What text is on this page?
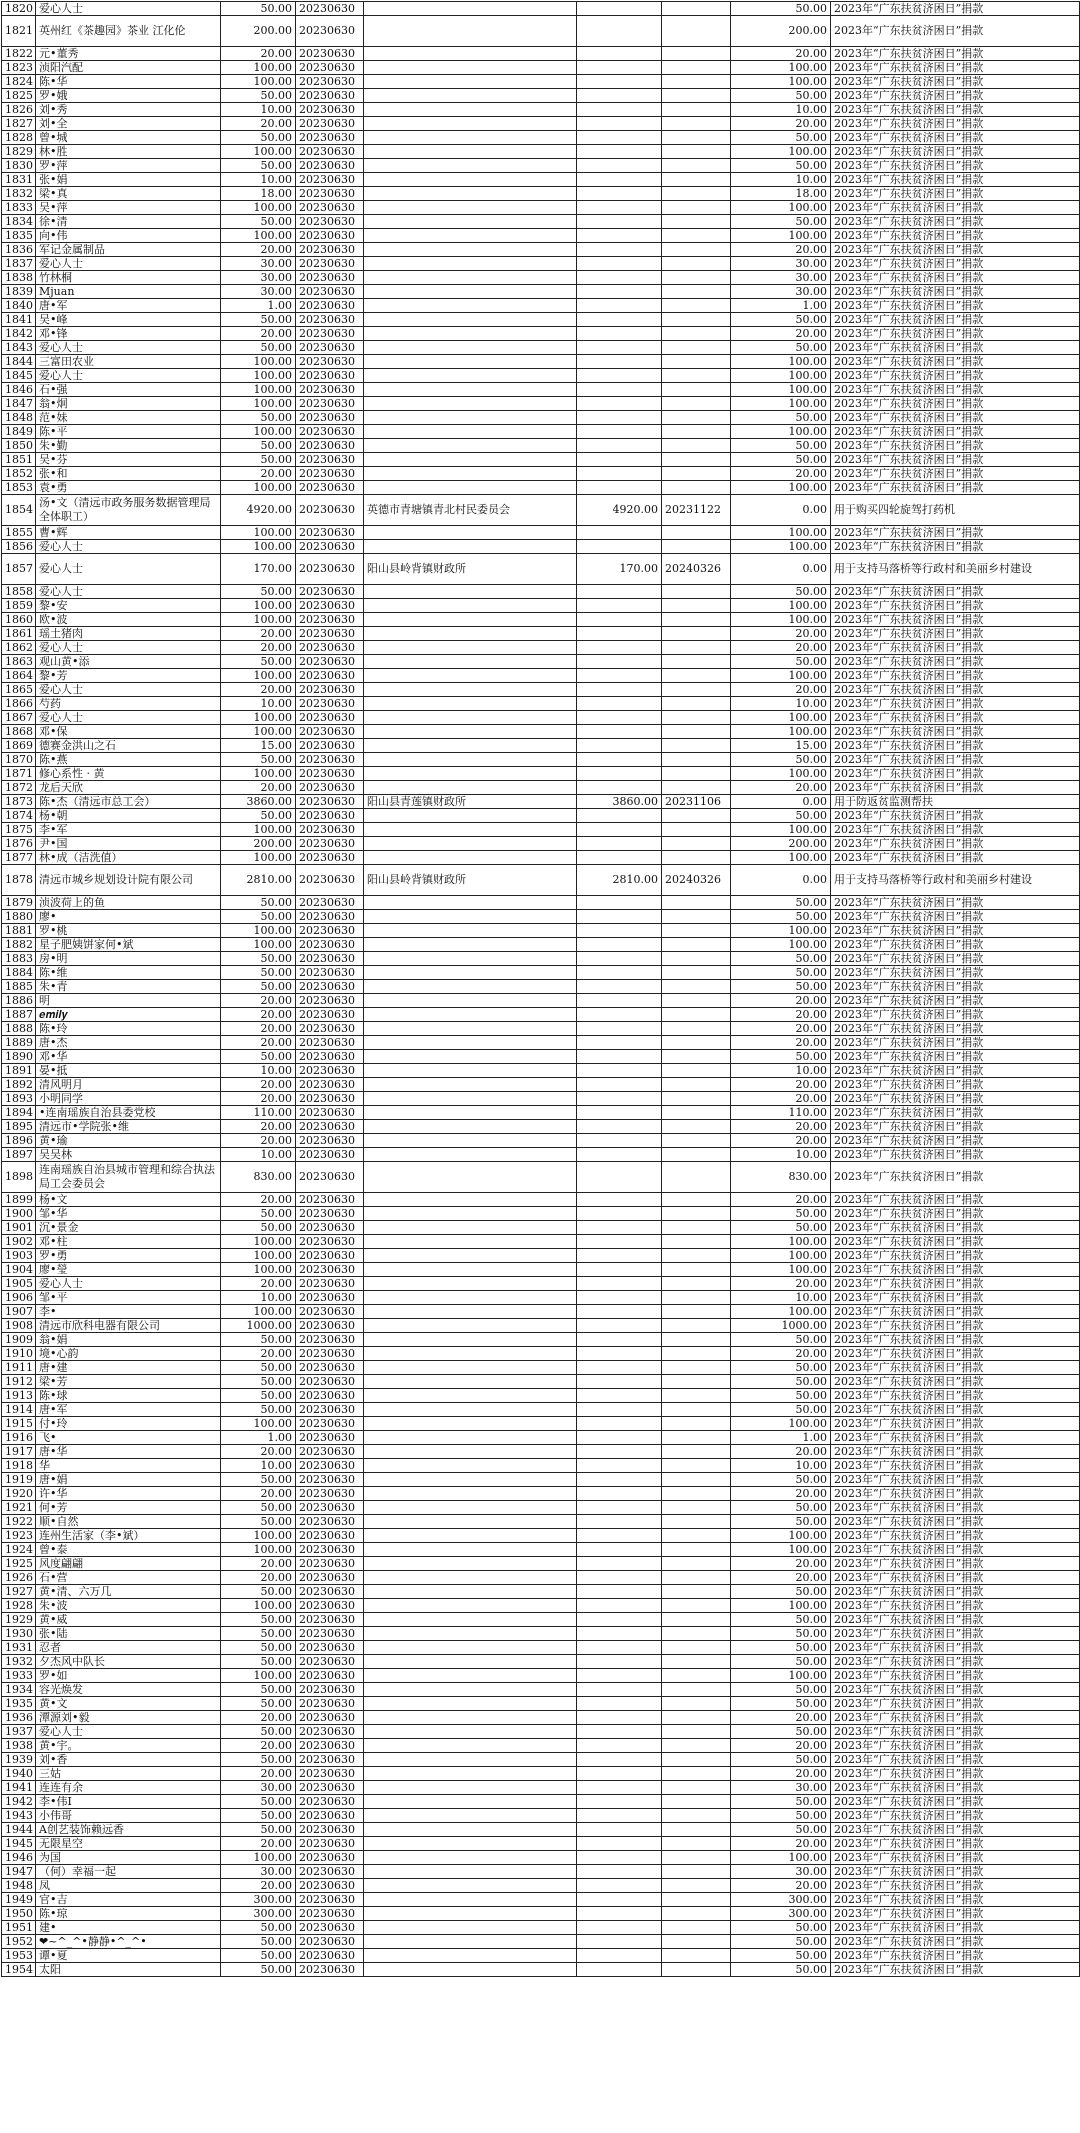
1820	爱心人士	50.00	20230630				50.00	2023年“广东扶贫济困日”捐款
1821	英州红《茶趣园》茶业 江化伦	200.00	20230630				200.00	2023年“广东扶贫济困日”捐款
1822	元•董秀	20.00	20230630				20.00	2023年“广东扶贫济困日”捐款
1823	浈阳汽配	100.00	20230630				100.00	2023年“广东扶贫济困日”捐款
1824	陈•华	100.00	20230630				100.00	2023年“广东扶贫济困日”捐款
1825	罗•娥	50.00	20230630				50.00	2023年“广东扶贫济困日”捐款
1826	刘•秀	10.00	20230630				10.00	2023年“广东扶贫济困日”捐款
1827	刘•全	20.00	20230630				20.00	2023年“广东扶贫济困日”捐款
1828	曾•城	50.00	20230630				50.00	2023年“广东扶贫济困日”捐款
1829	林•胜	100.00	20230630				100.00	2023年“广东扶贫济困日”捐款
1830	罗•萍	50.00	20230630				50.00	2023年“广东扶贫济困日”捐款
1831	张•娟	10.00	20230630				10.00	2023年“广东扶贫济困日”捐款
1832	梁•真	18.00	20230630				18.00	2023年“广东扶贫济困日”捐款
1833	吴•萍	100.00	20230630				100.00	2023年“广东扶贫济困日”捐款
1834	徐•清	50.00	20230630				50.00	2023年“广东扶贫济困日”捐款
1835	向•伟	100.00	20230630				100.00	2023年“广东扶贫济困日”捐款
1836	军记金属制品	20.00	20230630				20.00	2023年“广东扶贫济困日”捐款
1837	爱心人士	30.00	20230630				30.00	2023年“广东扶贫济困日”捐款
1838	竹林桐	30.00	20230630				30.00	2023年“广东扶贫济困日”捐款
1839	Mjuan	30.00	20230630				30.00	2023年“广东扶贫济困日”捐款
1840	唐•军	1.00	20230630				1.00	2023年“广东扶贫济困日”捐款
1841	吴•峰	50.00	20230630				50.00	2023年“广东扶贫济困日”捐款
1842	邓•锋	20.00	20230630				20.00	2023年“广东扶贫济困日”捐款
1843	爱心人士	50.00	20230630				50.00	2023年“广东扶贫济困日”捐款
1844	三富田农业	100.00	20230630				100.00	2023年“广东扶贫济困日”捐款
1845	爱心人士	100.00	20230630				100.00	2023年“广东扶贫济困日”捐款
1846	石•强	100.00	20230630				100.00	2023年“广东扶贫济困日”捐款
1847	翁•炯	100.00	20230630				100.00	2023年“广东扶贫济困日”捐款
1848	范•妹	50.00	20230630				50.00	2023年“广东扶贫济困日”捐款
1849	陈•平	100.00	20230630				100.00	2023年“广东扶贫济困日”捐款
1850	朱•勤	50.00	20230630				50.00	2023年“广东扶贫济困日”捐款
1851	吴•芬	50.00	20230630				50.00	2023年“广东扶贫济困日”捐款
1852	张•和	20.00	20230630				20.00	2023年“广东扶贫济困日”捐款
1853	袁•勇	100.00	20230630				100.00	2023年“广东扶贫济困日”捐款
1854	汤•文（清远市政务服务数据管理局全体职工）	4920.00	20230630	英德市青塘镇青北村民委员会	4920.00	20231122	0.00	用于购买四轮旋驾打药机
1855	曹•辉	100.00	20230630				100.00	2023年“广东扶贫济困日”捐款
1856	爱心人士	100.00	20230630				100.00	2023年“广东扶贫济困日”捐款
1857	爱心人士	170.00	20230630	阳山县岭背镇财政所	170.00	20240326	0.00	用于支持马落桥等行政村和美丽乡村建设
1858	爱心人士	50.00	20230630				50.00	2023年“广东扶贫济困日”捐款
1859	黎•安	100.00	20230630				100.00	2023年“广东扶贫济困日”捐款
1860	欧•波	100.00	20230630				100.00	2023年“广东扶贫济困日”捐款
1861	瑶土猪肉	20.00	20230630				20.00	2023年“广东扶贫济困日”捐款
1862	爱心人士	20.00	20230630				20.00	2023年“广东扶贫济困日”捐款
1863	观山黄•添	50.00	20230630				50.00	2023年“广东扶贫济困日”捐款
1864	黎•芳	100.00	20230630				100.00	2023年“广东扶贫济困日”捐款
1865	爱心人士	20.00	20230630				20.00	2023年“广东扶贫济困日”捐款
1866	芍药	10.00	20230630				10.00	2023年“广东扶贫济困日”捐款
1867	爱心人士	100.00	20230630				100.00	2023年“广东扶贫济困日”捐款
1868	邓•保	100.00	20230630				100.00	2023年“广东扶贫济困日”捐款
1869	德赛金洪山之石	15.00	20230630				15.00	2023年“广东扶贫济困日”捐款
1870	陈•燕	50.00	20230630				50.00	2023年“广东扶贫济困日”捐款
1871	修心系性 · 黄	100.00	20230630				100.00	2023年“广东扶贫济困日”捐款
1872	龙后天欣	20.00	20230630				20.00	2023年“广东扶贫济困日”捐款
1873	陈•杰（清远市总工会）	3860.00	20230630	阳山县青莲镇财政所	3860.00	20231106	0.00	用于防返贫监测帮扶
1874	杨•朝	50.00	20230630				50.00	2023年“广东扶贫济困日”捐款
1875	李•军	100.00	20230630				100.00	2023年“广东扶贫济困日”捐款
1876	尹•国	200.00	20230630				200.00	2023年“广东扶贫济困日”捐款
1877	林•成（洁洗值）	100.00	20230630				100.00	2023年“广东扶贫济困日”捐款
1878	清远市城乡规划设计院有限公司	2810.00	20230630	阳山县岭背镇财政所	2810.00	20240326	0.00	用于支持马落桥等行政村和美丽乡村建设
1879	浈波荷上的鱼	50.00	20230630				50.00	2023年“广东扶贫济困日”捐款
1880	廖•	50.00	20230630				50.00	2023年“广东扶贫济困日”捐款
1881	罗•桃	100.00	20230630				100.00	2023年“广东扶贫济困日”捐款
1882	星子肥姨饼家何•斌	100.00	20230630				100.00	2023年“广东扶贫济困日”捐款
1883	房•明	50.00	20230630				50.00	2023年“广东扶贫济困日”捐款
1884	陈•维	50.00	20230630				50.00	2023年“广东扶贫济困日”捐款
1885	朱•青	50.00	20230630				50.00	2023年“广东扶贫济困日”捐款
1886	明	20.00	20230630				20.00	2023年“广东扶贫济困日”捐款
1887	𝒆𝒎𝒊𝒍𝒚	20.00	20230630				20.00	2023年“广东扶贫济困日”捐款
1888	陈•玲	20.00	20230630				20.00	2023年“广东扶贫济困日”捐款
1889	唐•杰	20.00	20230630				20.00	2023年“广东扶贫济困日”捐款
1890	邓•华	50.00	20230630				50.00	2023年“广东扶贫济困日”捐款
1891	晏•抵	10.00	20230630				10.00	2023年“广东扶贫济困日”捐款
1892	清风明月	20.00	20230630				20.00	2023年“广东扶贫济困日”捐款
1893	小明同学	20.00	20230630				20.00	2023年“广东扶贫济困日”捐款
1894	•连南瑶族自治县委党校	110.00	20230630				110.00	2023年“广东扶贫济困日”捐款
1895	清远市•学院张•维	20.00	20230630				20.00	2023年“广东扶贫济困日”捐款
1896	黄•瑜	20.00	20230630				20.00	2023年“广东扶贫济困日”捐款
1897	吴吴林	10.00	20230630				10.00	2023年“广东扶贫济困日”捐款
1898	连南瑶族自治县城市管理和综合执法局工会委员会	830.00	20230630				830.00	2023年“广东扶贫济困日”捐款
1899	杨•文	20.00	20230630				20.00	2023年“广东扶贫济困日”捐款
1900	邹•华	50.00	20230630				50.00	2023年“广东扶贫济困日”捐款
1901	沉•景金	50.00	20230630				50.00	2023年“广东扶贫济困日”捐款
1902	邓•柱	100.00	20230630				100.00	2023年“广东扶贫济困日”捐款
1903	罗•勇	100.00	20230630				100.00	2023年“广东扶贫济困日”捐款
1904	廖•瑩	100.00	20230630				100.00	2023年“广东扶贫济困日”捐款
1905	爱心人士	20.00	20230630				20.00	2023年“广东扶贫济困日”捐款
1906	邹•平	10.00	20230630				10.00	2023年“广东扶贫济困日”捐款
1907	李•	100.00	20230630				100.00	2023年“广东扶贫济困日”捐款
1908	清远市欣科电器有限公司	1000.00	20230630				1000.00	2023年“广东扶贫济困日”捐款
1909	翁•娟	50.00	20230630				50.00	2023年“广东扶贫济困日”捐款
1910	境•心韵	20.00	20230630				20.00	2023年“广东扶贫济困日”捐款
1911	唐•建	50.00	20230630				50.00	2023年“广东扶贫济困日”捐款
1912	梁•芳	50.00	20230630				50.00	2023年“广东扶贫济困日”捐款
1913	陈•球	50.00	20230630				50.00	2023年“广东扶贫济困日”捐款
1914	唐•军	50.00	20230630				50.00	2023年“广东扶贫济困日”捐款
1915	付•玲	100.00	20230630				100.00	2023年“广东扶贫济困日”捐款
1916	飞•	1.00	20230630				1.00	2023年“广东扶贫济困日”捐款
1917	唐•华	20.00	20230630				20.00	2023年“广东扶贫济困日”捐款
1918	华	10.00	20230630				10.00	2023年“广东扶贫济困日”捐款
1919	唐•娟	50.00	20230630				50.00	2023年“广东扶贫济困日”捐款
1920	许•华	20.00	20230630				20.00	2023年“广东扶贫济困日”捐款
1921	何•芳	50.00	20230630				50.00	2023年“广东扶贫济困日”捐款
1922	顺•自然	50.00	20230630				50.00	2023年“广东扶贫济困日”捐款
1923	连州生活家（李•斌）	100.00	20230630				100.00	2023年“广东扶贫济困日”捐款
1924	曾•泰	100.00	20230630				100.00	2023年“广东扶贫济困日”捐款
1925	风度翩翩	20.00	20230630				20.00	2023年“广东扶贫济困日”捐款
1926	石•营	20.00	20230630				20.00	2023年“广东扶贫济困日”捐款
1927	黄•清、六万几	50.00	20230630				50.00	2023年“广东扶贫济困日”捐款
1928	朱•波	100.00	20230630				100.00	2023年“广东扶贫济困日”捐款
1929	黄•威	50.00	20230630				50.00	2023年“广东扶贫济困日”捐款
1930	张•陆	50.00	20230630				50.00	2023年“广东扶贫济困日”捐款
1931	忍者	50.00	20230630				50.00	2023年“广东扶贫济困日”捐款
1932	夕杰风中队长	50.00	20230630				50.00	2023年“广东扶贫济困日”捐款
1933	罗•如	100.00	20230630				100.00	2023年“广东扶贫济困日”捐款
1934	容光焕发	50.00	20230630				50.00	2023年“广东扶贫济困日”捐款
1935	黄•文	50.00	20230630				50.00	2023年“广东扶贫济困日”捐款
1936	潭源刘•毅	20.00	20230630				20.00	2023年“广东扶贫济困日”捐款
1937	爱心人士	50.00	20230630				50.00	2023年“广东扶贫济困日”捐款
1938	黄•宇。	20.00	20230630				20.00	2023年“广东扶贫济困日”捐款
1939	刘•香	50.00	20230630				50.00	2023年“广东扶贫济困日”捐款
1940	三姑	20.00	20230630				20.00	2023年“广东扶贫济困日”捐款
1941	连连有余	30.00	20230630				30.00	2023年“广东扶贫济困日”捐款
1942	李•伟I	50.00	20230630				50.00	2023年“广东扶贫济困日”捐款
1943	小伟哥	50.00	20230630				50.00	2023年“广东扶贫济困日”捐款
1944	A创艺装饰赖远香	50.00	20230630				50.00	2023年“广东扶贫济困日”捐款
1945	无限星空	20.00	20230630				20.00	2023年“广东扶贫济困日”捐款
1946	为国	100.00	20230630				100.00	2023年“广东扶贫济困日”捐款
1947	（何）幸福一起	30.00	20230630				30.00	2023年“广东扶贫济困日”捐款
1948	凤	20.00	20230630				20.00	2023年“广东扶贫济困日”捐款
1949	官•吉	300.00	20230630				300.00	2023年“广东扶贫济困日”捐款
1950	陈•琼	300.00	20230630				300.00	2023年“广东扶贫济困日”捐款
1951	建•	50.00	20230630				50.00	2023年“广东扶贫济困日”捐款
1952	❤~^_^•静静•^_^•	50.00	20230630				50.00	2023年“广东扶贫济困日”捐款
1953	谭•夏	50.00	20230630				50.00	2023年“广东扶贫济困日”捐款
1954	太阳	50.00	20230630				50.00	2023年“广东扶贫济困日”捐款
